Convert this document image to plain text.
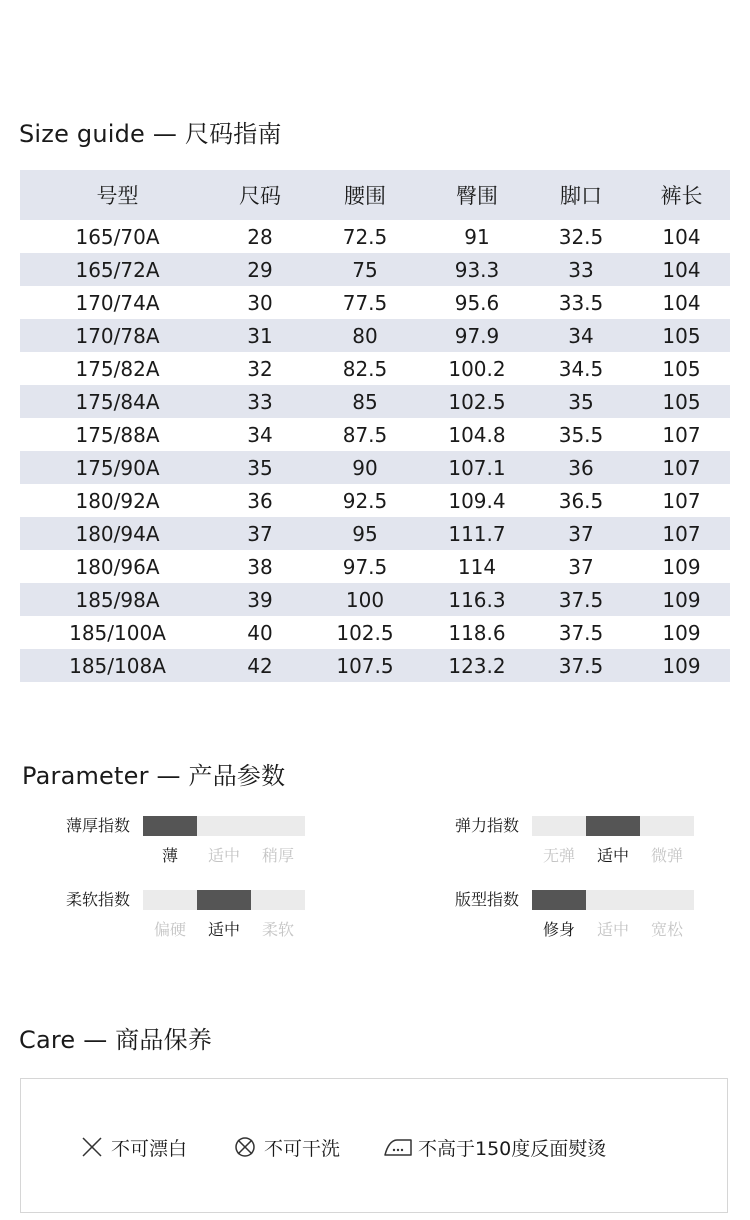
Size guide — 尺码指南
号型	尺码	腰围	臀围	脚口	裤长
165/70A	28	72.5	91	32.5	104
165/72A	29	75	93.3	33	104
170/74A	30	77.5	95.6	33.5	104
170/78A	31	80	97.9	34	105
175/82A	32	82.5	100.2	34.5	105
175/84A	33	85	102.5	35	105
175/88A	34	87.5	104.8	35.5	107
175/90A	35	90	107.1	36	107
180/92A	36	92.5	109.4	36.5	107
180/94A	37	95	111.7	37	107
180/96A	38	97.5	114	37	109
185/98A	39	100	116.3	37.5	109
185/100A	40	102.5	118.6	37.5	109
185/108A	42	107.5	123.2	37.5	109
Parameter — 产品参数
薄厚指数
薄	适中	稍厚
弹力指数
无弹	适中	微弹
柔软指数
偏硬	适中	柔软
版型指数
修身	适中	宽松
Care — 商品保养
不可漂白	不可干洗	不高于150度反面熨烫
